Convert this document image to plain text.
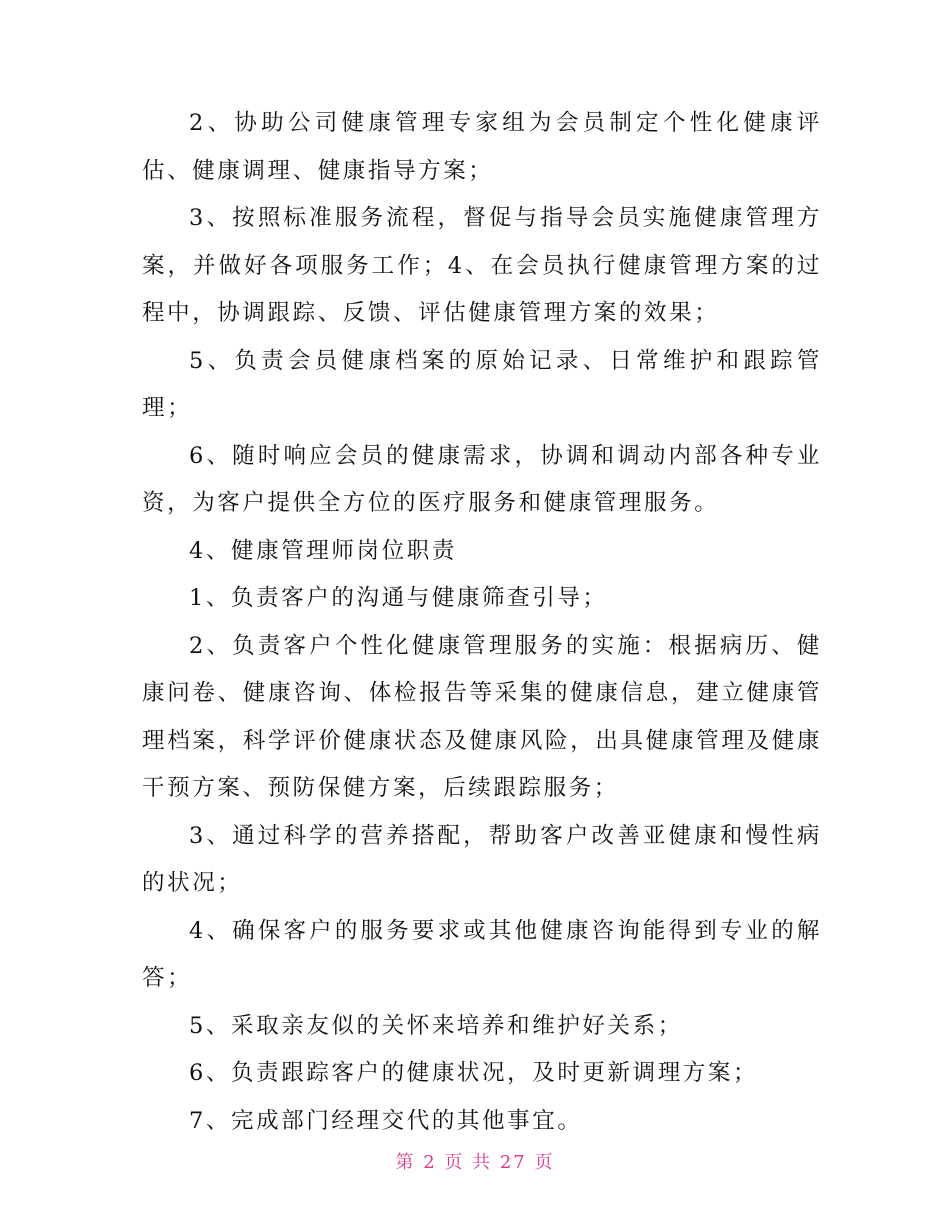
2、协助公司健康管理专家组为会员制定个性化健康评估、健康调理、健康指导方案；

3、按照标准服务流程，督促与指导会员实施健康管理方案，并做好各项服务工作；4、在会员执行健康管理方案的过程中，协调跟踪、反馈、评估健康管理方案的效果；

5、负责会员健康档案的原始记录、日常维护和跟踪管理；

6、随时响应会员的健康需求，协调和调动内部各种专业资，为客户提供全方位的医疗服务和健康管理服务。

4、健康管理师岗位职责

1、负责客户的沟通与健康筛查引导；

2、负责客户个性化健康管理服务的实施：根据病历、健康问卷、健康咨询、体检报告等采集的健康信息，建立健康管理档案，科学评价健康状态及健康风险，出具健康管理及健康干预方案、预防保健方案，后续跟踪服务；

3、通过科学的营养搭配，帮助客户改善亚健康和慢性病的状况；

4、确保客户的服务要求或其他健康咨询能得到专业的解答；

5、采取亲友似的关怀来培养和维护好关系；

6、负责跟踪客户的健康状况，及时更新调理方案；

7、完成部门经理交代的其他事宜。

第 2 页 共 27 页
